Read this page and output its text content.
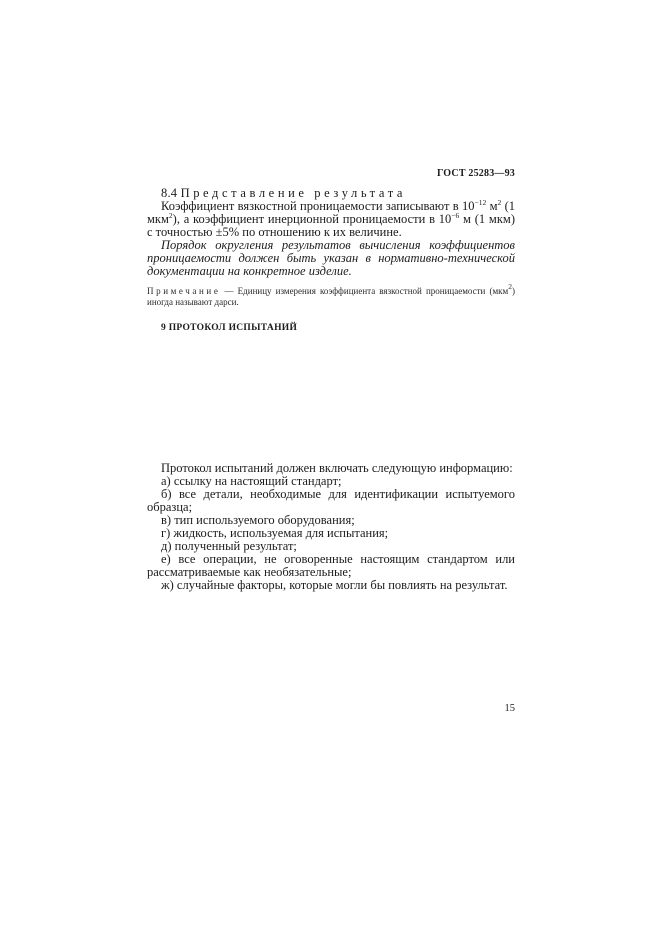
ГОСТ 25283—93
8.4 Представление результата
Коэффициент вязкостной проницаемости записывают в $10^{-12}$ $м^2$ (1 мкм$^2$), а коэффициент инерционной проницаемости в $10^{-6}$ м (1 мкм) с точностью ±5% по отношению к их величине.
Порядок округления результатов вычисления коэффициентов проницаемости должен быть указан в нормативно-технической документации на конкретное изделие.
Примечание — Единицу измерения коэффициента вязкостной проницаемости (мкм$^2$) иногда называют дарси.
9 ПРОТОКОЛ ИСПЫТАНИЙ
Протокол испытаний должен включать следующую информацию:
а) ссылку на настоящий стандарт;
б) все детали, необходимые для идентификации испытуемого образца;
в) тип используемого оборудования;
г) жидкость, используемая для испытания;
д) полученный результат;
е) все операции, не оговоренные настоящим стандартом или рассматриваемые как необязательные;
ж) случайные факторы, которые могли бы повлиять на результат.
15
